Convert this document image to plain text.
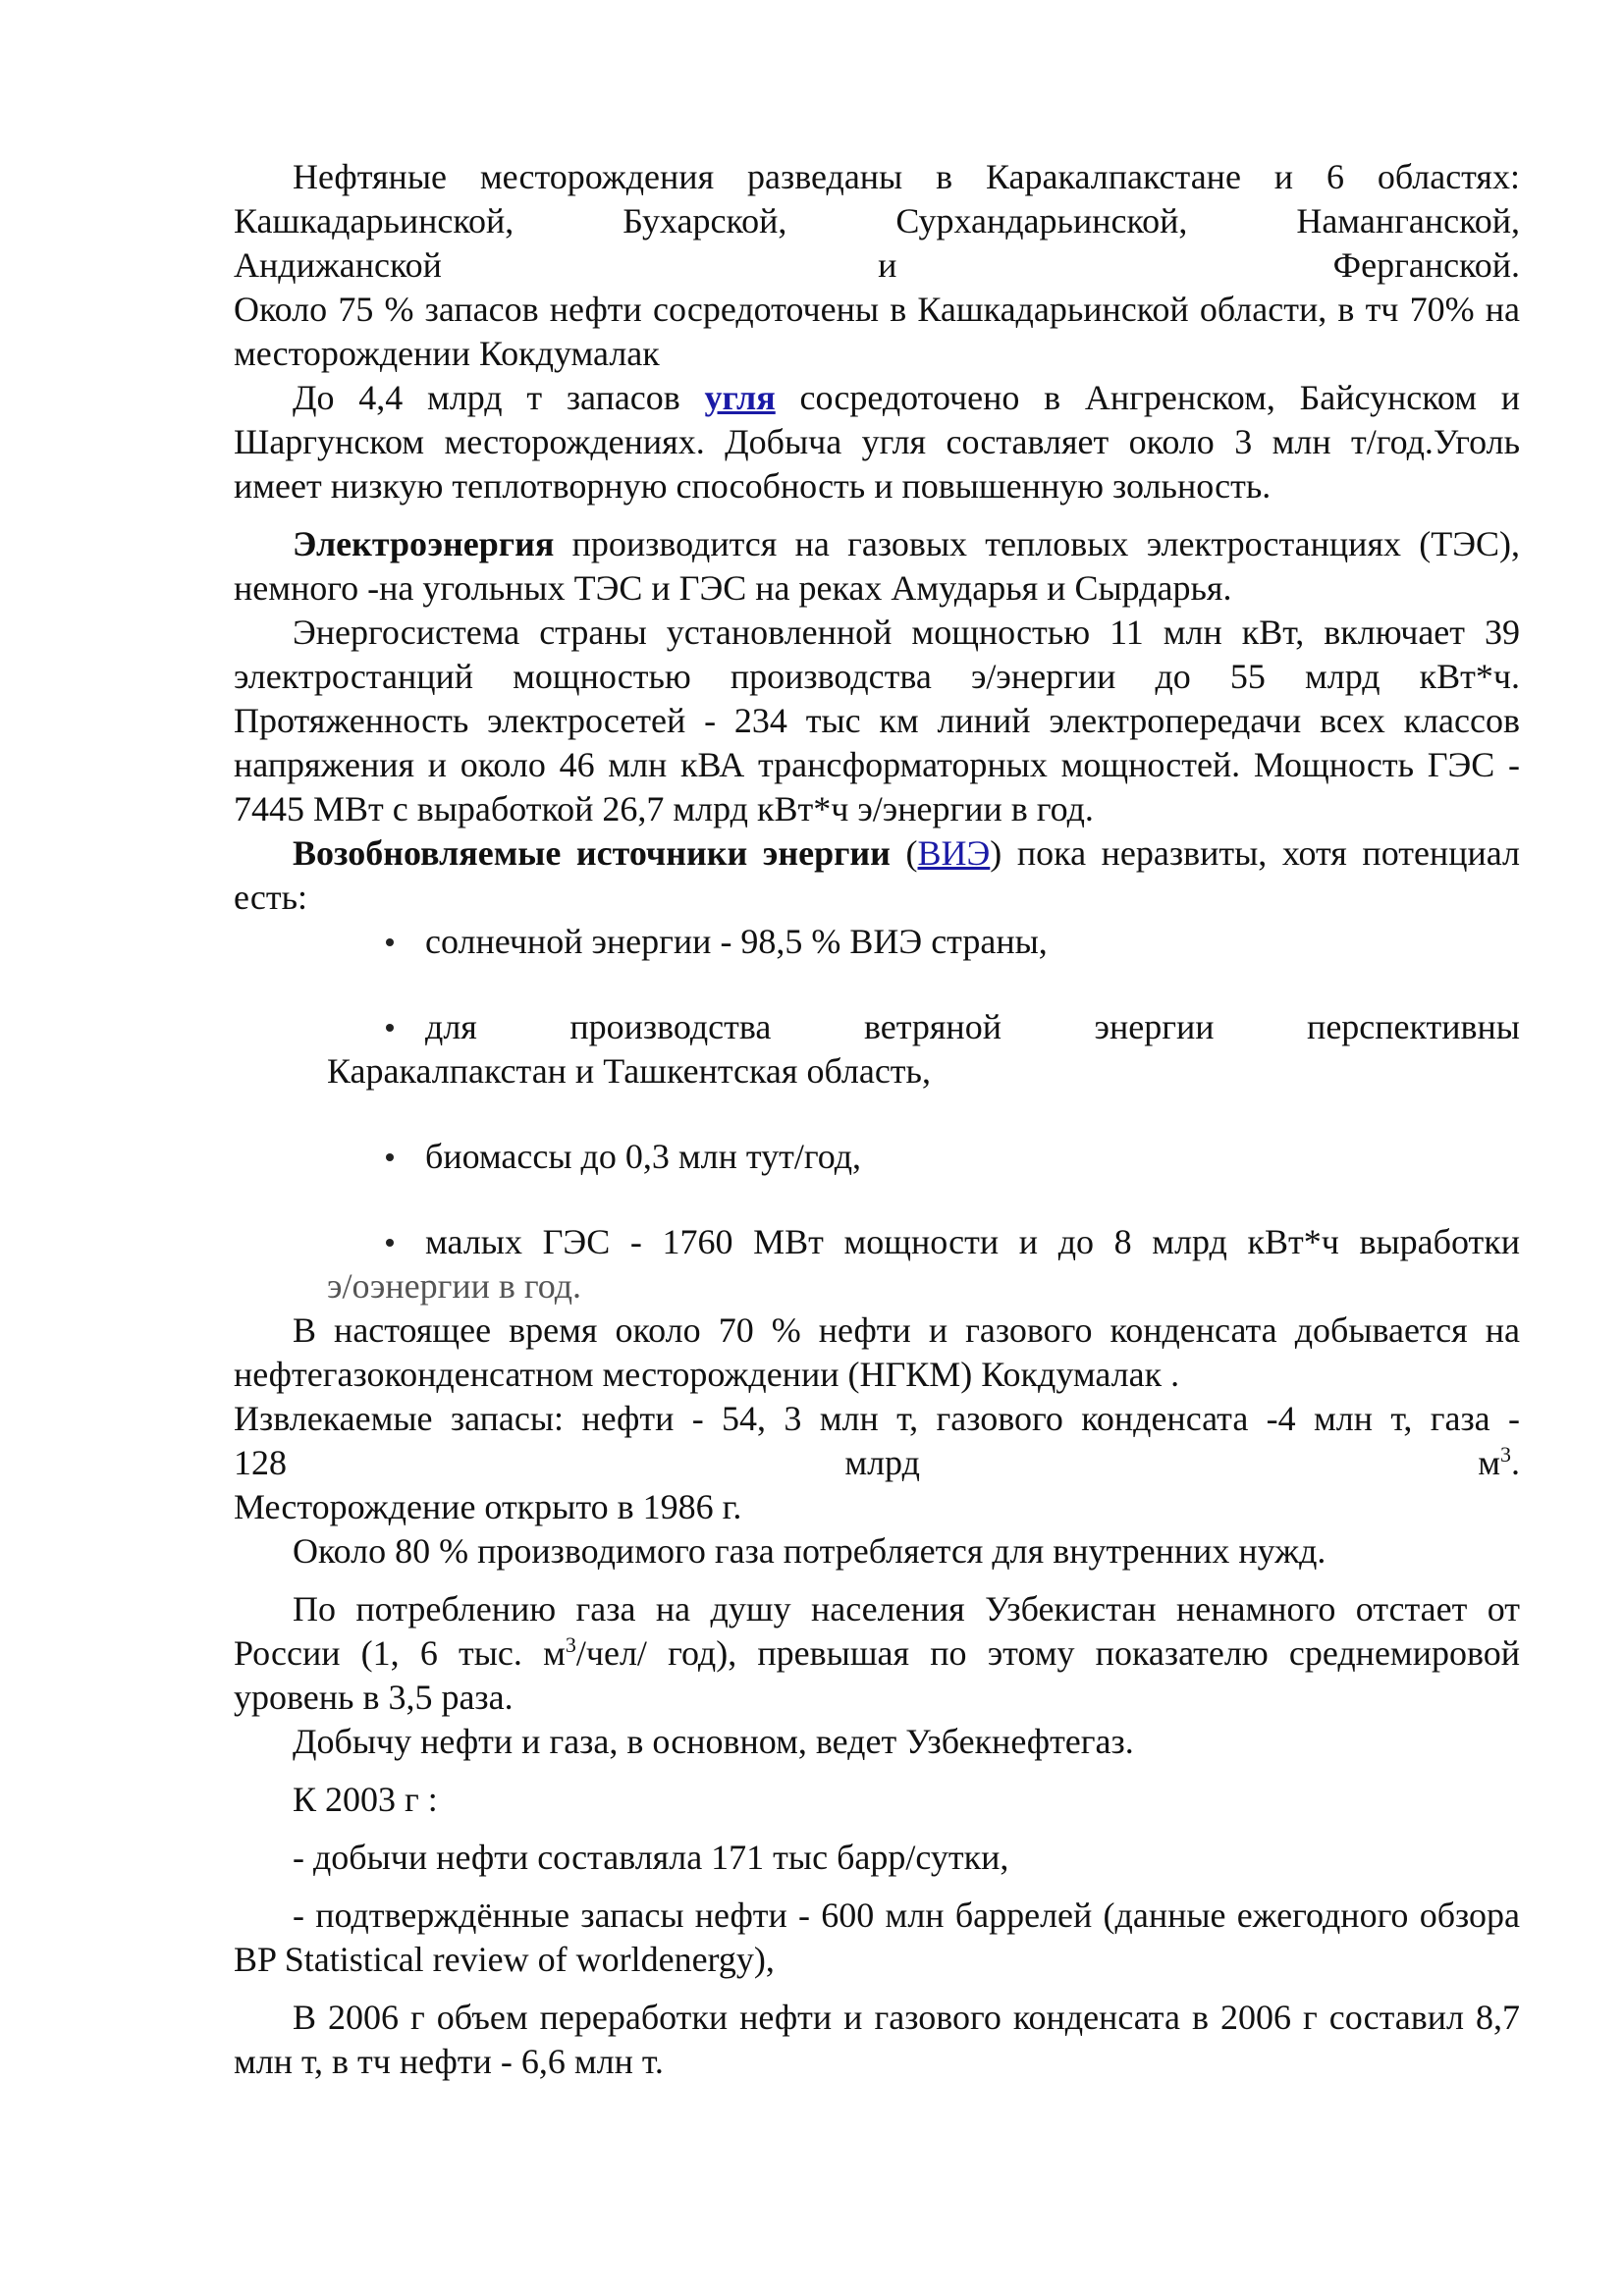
Нефтяные месторождения разведаны в Каракалпакстане и 6 областях:

Кашкадарьинской, Бухарской, Сурхандарьинской, Наманганской,

Андижанской и Ферганской.

Около 75 % запасов нефти сосредоточены в Кашкадарьинской области, в тч 70% на месторождении Кокдумалак

До 4,4 млрд т запасов угля сосредоточено в Ангренском, Байсунском и Шаргунском месторождениях. Добыча угля составляет около 3 млн т/год.Уголь имеет низкую теплотворную способность и повышенную зольность.

Электроэнергия производится на газовых тепловых электростанциях (ТЭС), немного -на угольных ТЭС и ГЭС на реках Амударья и Сырдарья.

Энергосистема страны установленной мощностью 11 млн кВт, включает 39 электростанций мощностью производства э/энергии до 55 млрд кВт*ч. Протяженность электросетей - 234 тыс км линий электропередачи всех классов напряжения и около 46 млн кВА трансформаторных мощностей. Мощность ГЭС - 7445 МВт с выработкой 26,7 млрд кВт*ч э/энергии в год.

Возобновляемые источники энергии (ВИЭ) пока неразвиты, хотя потенциал есть:

солнечной энергии - 98,5 % ВИЭ страны,
для производства ветряной энергии перспективны
Каракалпакстан и Ташкентская область,
биомассы до 0,3 млн тут/год,
малых ГЭС - 1760 МВт мощности и до 8 млрд кВт*ч выработки
э/оэнергии в год.

В настоящее время около 70 % нефти и газового конденсата добывается на нефтегазоконденсатном месторождении (НГКМ) Кокдумалак .

Извлекаемые запасы: нефти - 54, 3 млн т, газового конденсата -4 млн т, газа -

128	млрд	$м^3$.

Месторождение открыто в 1986 г.

Около 80 % производимого газа потребляется для внутренних нужд.

По потреблению газа на душу населения Узбекистан ненамного отстает от России (1, 6 тыс. $м^3/чел/$ год), превышая по этому показателю среднемировой уровень в 3,5 раза.

Добычу нефти и газа, в основном, ведет Узбекнефтегаз.

К 2003 г :

- добычи нефти составляла 171 тыс барр/сутки,

- подтверждённые запасы нефти - 600 млн баррелей (данные ежегодного обзора BP Statistical review of worldenergy),

В 2006 г объем переработки нефти и газового конденсата в 2006 г составил 8,7 млн т, в тч нефти - 6,6 млн т.
